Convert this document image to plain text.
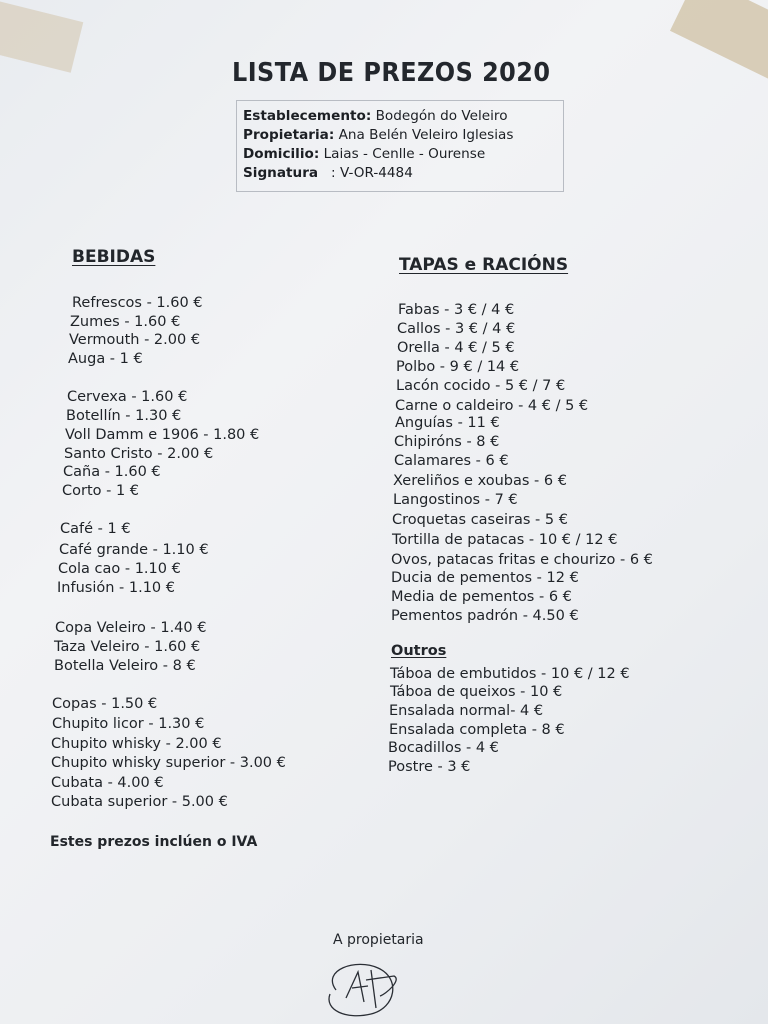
LISTA DE PREZOS 2020
Establecemento: Bodegón do Veleiro
Propietaria: Ana Belén Veleiro Iglesias
Domicilio: Laias - Cenlle - Ourense
Signatura   : V-OR-4484
BEBIDAS
Refrescos - 1.60 €
Zumes - 1.60 €
Vermouth - 2.00 €
Auga - 1 €
Cervexa - 1.60 €
Botellín - 1.30 €
Voll Damm e 1906 - 1.80 €
Santo Cristo - 2.00 €
Caña - 1.60 €
Corto - 1 €
Café - 1 €
Café grande - 1.10 €
Cola cao - 1.10 €
Infusión - 1.10 €
Copa Veleiro - 1.40 €
Taza Veleiro - 1.60 €
Botella Veleiro - 8 €
Copas - 1.50 €
Chupito licor - 1.30 €
Chupito whisky - 2.00 €
Chupito whisky superior - 3.00 €
Cubata - 4.00 €
Cubata superior - 5.00 €
Estes prezos inclúen o IVA
TAPAS e RACIÓNS
Fabas - 3 € / 4 €
Callos - 3 € / 4 €
Orella - 4 € / 5 €
Polbo - 9 € / 14 €
Lacón cocido - 5 € / 7 €
Carne o caldeiro - 4 € / 5 €
Anguías - 11 €
Chipiróns - 8 €
Calamares - 6 €
Xereliños e xoubas - 6 €
Langostinos - 7 €
Croquetas caseiras - 5 €
Tortilla de patacas - 10 € / 12 €
Ovos, patacas fritas e chourizo - 6 €
Ducia de pementos - 12 €
Media de pementos - 6 €
Pementos padrón - 4.50 €
Outros
Táboa de embutidos - 10 € / 12 €
Táboa de queixos - 10 €
Ensalada normal- 4 €
Ensalada completa - 8 €
Bocadillos - 4 €
Postre - 3 €
A propietaria
